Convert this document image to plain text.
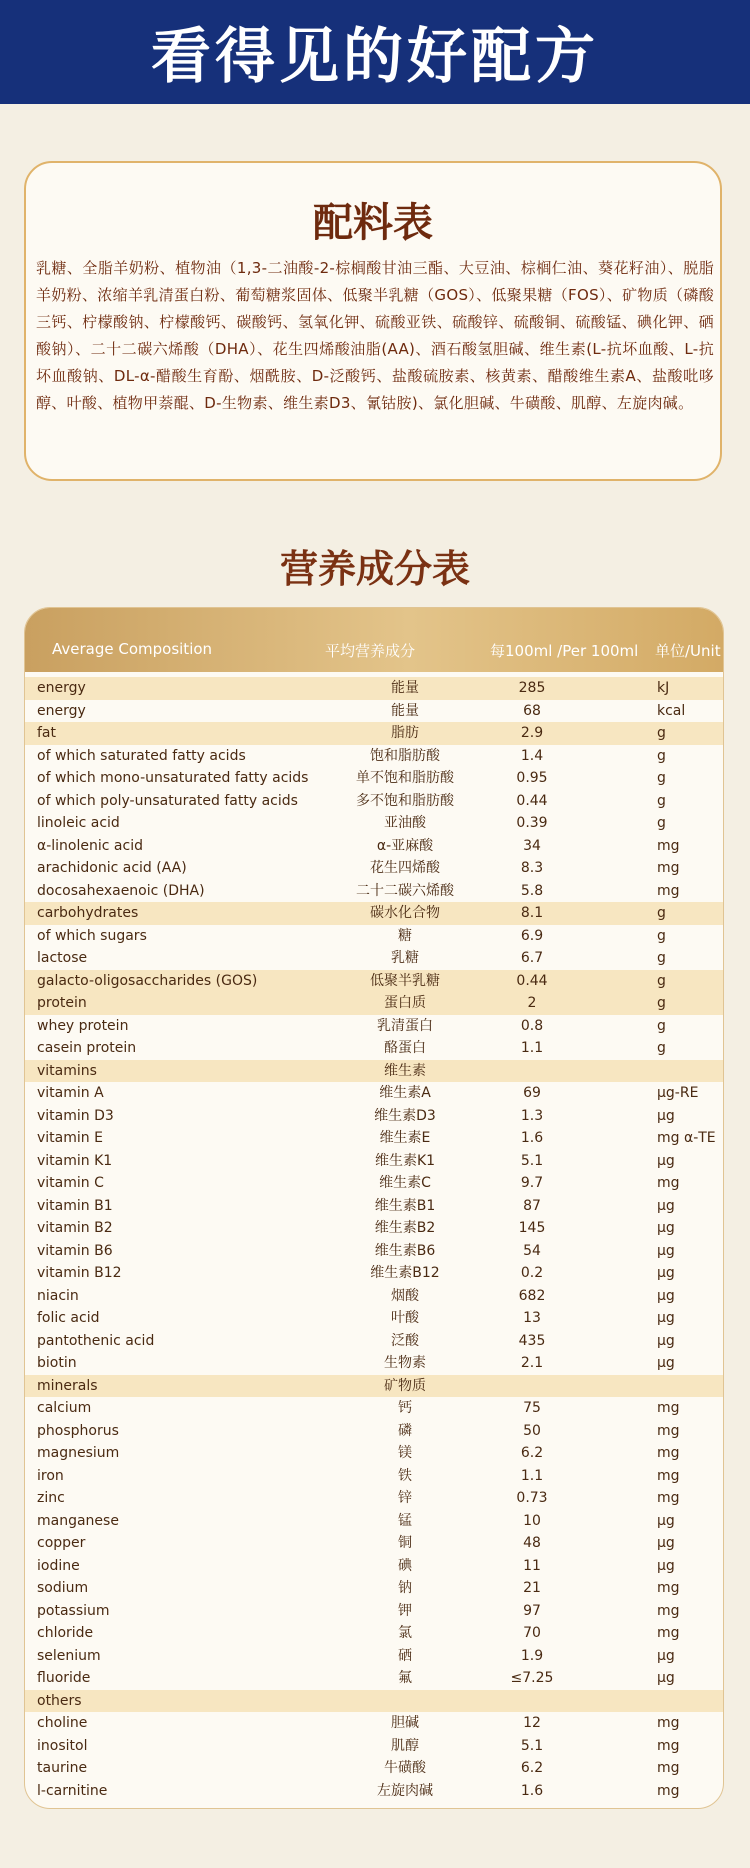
看得见的好配方
配料表

乳糖、全脂羊奶粉、植物油（1,3-二油酸-2-棕榈酸甘油三酯、大豆油、棕榈仁油、葵花籽油）、脱脂羊奶粉、浓缩羊乳清蛋白粉、葡萄糖浆固体、低聚半乳糖（GOS）、低聚果糖（FOS）、矿物质（磷酸三钙、柠檬酸钠、柠檬酸钙、碳酸钙、氢氧化钾、硫酸亚铁、硫酸锌、硫酸铜、硫酸锰、碘化钾、硒酸钠）、二十二碳六烯酸（DHA）、花生四烯酸油脂(AA)、酒石酸氢胆碱、维生素(L-抗坏血酸、L-抗坏血酸钠、DL-α-醋酸生育酚、烟酰胺、D-泛酸钙、盐酸硫胺素、核黄素、醋酸维生素A、盐酸吡哆醇、叶酸、植物甲萘醌、D-生物素、维生素D3、氰钴胺)、氯化胆碱、牛磺酸、肌醇、左旋肉碱。

营养成分表
Average Composition	平均营养成分	每100ml /Per 100ml 单位/Unit
energy	能量	285	kJ
energy	能量	68	kcal
fat	脂肪	2.9	g
of which saturated fatty acids	饱和脂肪酸	1.4	g
of which mono-unsaturated fatty acids	单不饱和脂肪酸	0.95	g
of which poly-unsaturated fatty acids	多不饱和脂肪酸	0.44	g
linoleic acid	亚油酸	0.39	g
α-linolenic acid	α-亚麻酸	34	mg
arachidonic acid (AA)	花生四烯酸	8.3	mg
docosahexaenoic (DHA)	二十二碳六烯酸	5.8	mg
carbohydrates	碳水化合物	8.1	g
of which sugars	糖	6.9	g
lactose	乳糖	6.7	g
galacto-oligosaccharides (GOS)	低聚半乳糖	0.44	g
protein	蛋白质	2	g
whey protein	乳清蛋白	0.8	g
casein protein	酪蛋白	1.1	g
vitamins	维生素
vitamin A	维生素A	69	μg-RE
vitamin D3	维生素D3	1.3	μg
vitamin E	维生素E	1.6	mg α-TE
vitamin K1	维生素K1	5.1	μg
vitamin C	维生素C	9.7	mg
vitamin B1	维生素B1	87	μg
vitamin B2	维生素B2	145	μg
vitamin B6	维生素B6	54	μg
vitamin B12	维生素B12	0.2	μg
niacin	烟酸	682	μg
folic acid	叶酸	13	μg
pantothenic acid	泛酸	435	μg
biotin	生物素	2.1	μg
minerals	矿物质
calcium	钙	75	mg
phosphorus	磷	50	mg
magnesium	镁	6.2	mg
iron	铁	1.1	mg
zinc	锌	0.73	mg
manganese	锰	10	μg
copper	铜	48	μg
iodine	碘	11	μg
sodium	钠	21	mg
potassium	钾	97	mg
chloride	氯	70	mg
selenium	硒	1.9	μg
fluoride	氟	≤7.25	μg
others
choline	胆碱	12	mg
inositol	肌醇	5.1	mg
taurine	牛磺酸	6.2	mg
l-carnitine	左旋肉碱	1.6	mg
